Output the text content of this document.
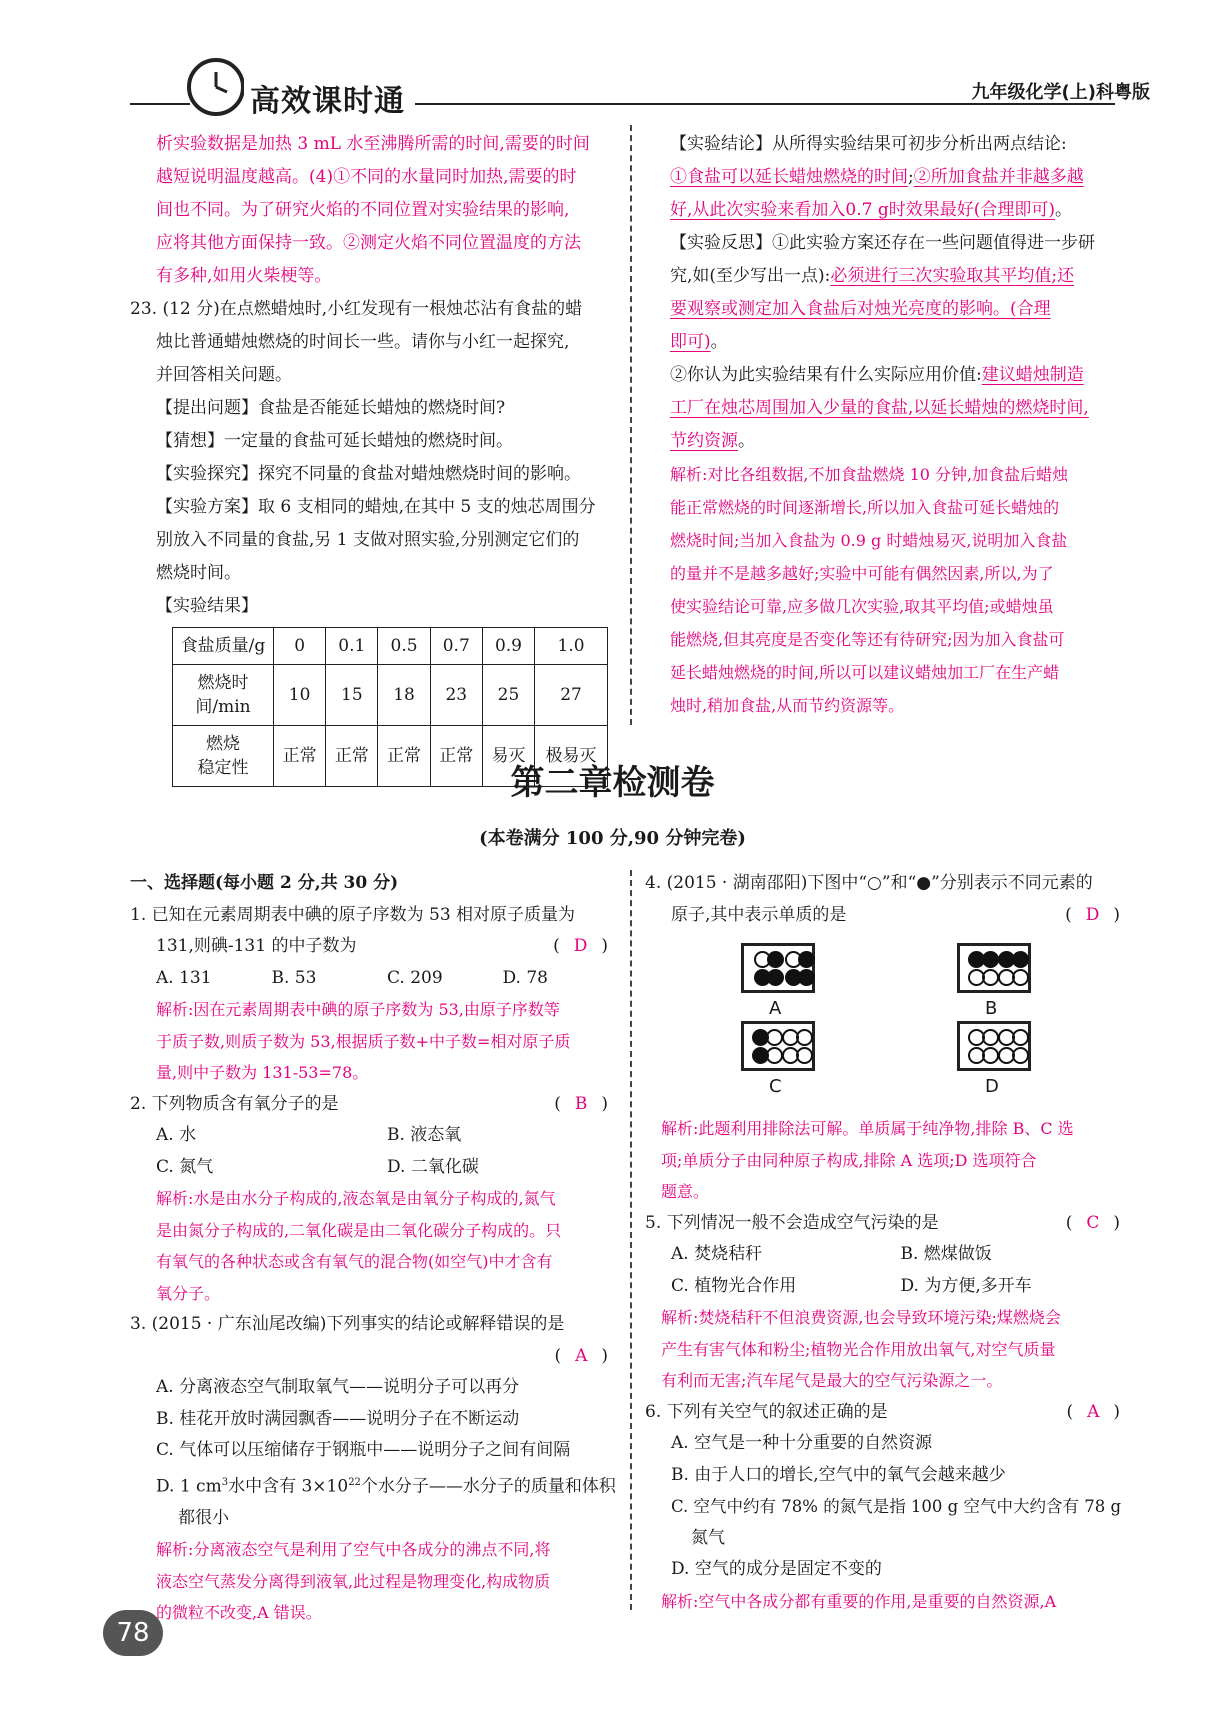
高效课时通	九年级化学(上)科粤版

析实验数据是加热 3 mL 水至沸腾所需的时间,需要的时间

越短说明温度越高。(4)①不同的水量同时加热,需要的时

间也不同。为了研究火焰的不同位置对实验结果的影响,

应将其他方面保持一致。②测定火焰不同位置温度的方法

有多种,如用火柴梗等。

23. (12 分)在点燃蜡烛时,小红发现有一根烛芯沾有食盐的蜡

烛比普通蜡烛燃烧的时间长一些。请你与小红一起探究,

并回答相关问题。

【提出问题】食盐是否能延长蜡烛的燃烧时间?

【猜想】一定量的食盐可延长蜡烛的燃烧时间。

【实验探究】探究不同量的食盐对蜡烛燃烧时间的影响。

【实验方案】取 6 支相同的蜡烛,在其中 5 支的烛芯周围分

别放入不同量的食盐,另 1 支做对照实验,分别测定它们的

燃烧时间。

【实验结果】

食盐质量/g	0	0.1	0.5	0.7	0.9	1.0
燃烧时
间/min	10	15	18	23	25	27
燃烧
稳定性	正常	正常	正常	正常	易灭	极易灭

【实验结论】从所得实验结果可初步分析出两点结论:

①食盐可以延长蜡烛燃烧的时间;②所加食盐并非越多越

好,从此次实验来看加入0.7 g时效果最好(合理即可)。

【实验反思】①此实验方案还存在一些问题值得进一步研

究,如(至少写出一点):必须进行三次实验取其平均值;还

要观察或测定加入食盐后对烛光亮度的影响。(合理

即可)。

②你认为此实验结果有什么实际应用价值:建议蜡烛制造

工厂在烛芯周围加入少量的食盐,以延长蜡烛的燃烧时间,

节约资源。

解析:对比各组数据,不加食盐燃烧 10 分钟,加食盐后蜡烛

能正常燃烧的时间逐渐增长,所以加入食盐可延长蜡烛的

燃烧时间;当加入食盐为 0.9 g 时蜡烛易灭,说明加入食盐

的量并不是越多越好;实验中可能有偶然因素,所以,为了

使实验结论可靠,应多做几次实验,取其平均值;或蜡烛虽

能燃烧,但其亮度是否变化等还有待研究;因为加入食盐可

延长蜡烛燃烧的时间,所以可以建议蜡烛加工厂在生产蜡

烛时,稍加食盐,从而节约资源等。

第二章检测卷
(本卷满分 100 分,90 分钟完卷)

一、选择题(每小题 2 分,共 30 分)

1. 已知在元素周期表中碘的原子序数为 53 相对原子质量为

131,则碘-131 的中子数为	( D )

A. 131	B. 53	C. 209	D. 78

解析:因在元素周期表中碘的原子序数为 53,由原子序数等

于质子数,则质子数为 53,根据质子数+中子数=相对原子质

量,则中子数为 131-53=78。

2. 下列物质含有氧分子的是	( B )

A. 水	B. 液态氧

C. 氮气	D. 二氧化碳

解析:水是由水分子构成的,液态氧是由氧分子构成的,氮气

是由氮分子构成的,二氧化碳是由二氧化碳分子构成的。只

有氧气的各种状态或含有氧气的混合物(如空气)中才含有

氧分子。

3. (2015 · 广东汕尾改编)下列事实的结论或解释错误的是

( A )

A. 分离液态空气制取氧气——说明分子可以再分

B. 桂花开放时满园飘香——说明分子在不断运动

C. 气体可以压缩储存于钢瓶中——说明分子之间有间隔

D. 1 $cm^3$水中含有 $3\times 10^{22}$个水分子——水分子的质量和体积

都很小

解析:分离液态空气是利用了空气中各成分的沸点不同,将

液态空气蒸发分离得到液氧,此过程是物理变化,构成物质

的微粒不改变,A 错误。

4. (2015 · 湖南邵阳)下图中“○”和“●”分别表示不同元素的

原子,其中表示单质的是	( D )

A	B
C	D

解析:此题利用排除法可解。单质属于纯净物,排除 B、C 选

项;单质分子由同种原子构成,排除 A 选项;D 选项符合

题意。

5. 下列情况一般不会造成空气污染的是	( C )

A. 焚烧秸秆	B. 燃煤做饭

C. 植物光合作用	D. 为方便,多开车

解析:焚烧秸秆不但浪费资源,也会导致环境污染;煤燃烧会

产生有害气体和粉尘;植物光合作用放出氧气,对空气质量

有利而无害;汽车尾气是最大的空气污染源之一。

6. 下列有关空气的叙述正确的是	( A )

A. 空气是一种十分重要的自然资源

B. 由于人口的增长,空气中的氧气会越来越少

C. 空气中约有 78% 的氮气是指 100 g 空气中大约含有 78 g

氮气

D. 空气的成分是固定不变的

解析:空气中各成分都有重要的作用,是重要的自然资源,A

78
